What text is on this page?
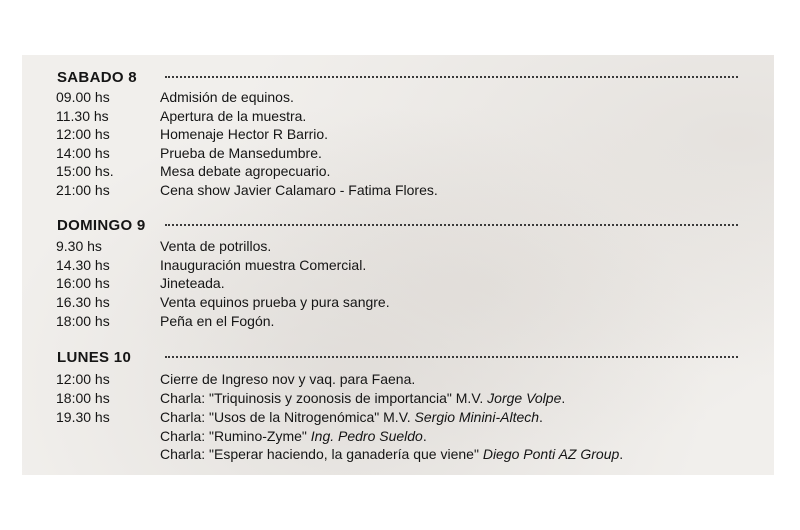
SABADO 8
09.00 hs	Admisión de equinos.
11.30 hs	Apertura de la muestra.
12:00 hs	Homenaje Hector R Barrio.
14:00 hs	Prueba de Mansedumbre.
15:00 hs.	Mesa debate agropecuario.
21:00 hs	Cena show Javier Calamaro - Fatima Flores.
DOMINGO 9
9.30 hs	Venta de potrillos.
14.30 hs	Inauguración muestra Comercial.
16:00 hs	Jineteada.
16.30 hs	Venta equinos prueba y pura sangre.
18:00 hs	Peña en el Fogón.
LUNES 10
12:00 hs	Cierre de Ingreso nov y vaq. para Faena.
18:00 hs	Charla: "Triquinosis y zoonosis de importancia" M.V. Jorge Volpe.
19.30 hs	Charla: "Usos de la Nitrogenómica" M.V. Sergio Minini-Altech.
Charla: "Rumino-Zyme" Ing. Pedro Sueldo.
Charla: "Esperar haciendo, la ganadería que viene" Diego Ponti AZ Group.
